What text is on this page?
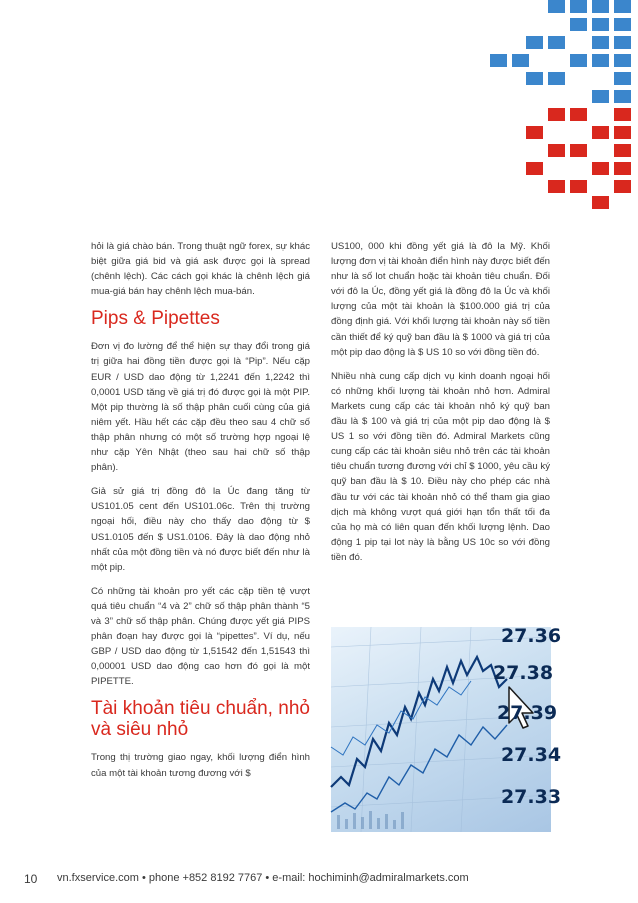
hỏi là giá chào bán. Trong thuật ngữ forex, sự khác biệt giữa giá bid và giá ask được gọi là spread (chênh lệch). Các cách gọi khác là chênh lệch giá mua-giá bán hay chênh lệch mua-bán.

Pips & Pipettes

Đơn vị đo lường để thể hiện sự thay đổi trong giá trị giữa hai đồng tiền được gọi là “Pip”. Nếu cặp EUR / USD dao động từ 1,2241 đến 1,2242 thì 0,0001 USD tăng về giá trị đó được gọi là một PIP. Một pip thường là số thập phân cuối cùng của giá niêm yết. Hầu hết các cặp đều theo sau 4 chữ số thập phân nhưng có một số trường hợp ngoại lệ như cặp Yên Nhật (theo sau hai chữ số thập phân).

Giả sử giá trị đồng đô la Úc đang tăng từ US101.05 cent đến US101.06c. Trên thị trường ngoại hối, điều này cho thấy dao động từ $ US1.0105 đến $ US1.0106. Đây là dao động nhỏ nhất của một đồng tiền và nó được biết đến như là một pip.

Có những tài khoản pro yết các cặp tiền tệ vượt quá tiêu chuẩn “4 và 2” chữ số thập phân thành “5 và 3” chữ số thập phân. Chúng được yết giá PIPS phân đoạn hay được gọi là “pipettes”. Ví dụ, nếu GBP / USD dao động từ 1,51542 đến 1,51543 thì 0,00001 USD dao động cao hơn đó gọi là một PIPETTE.

Tài khoản tiêu chuẩn, nhỏ và siêu nhỏ

Trong thị trường giao ngay, khối lượng điển hình của một tài khoản tương đương với $

US100, 000 khi đồng yết giá là đô la Mỹ. Khối lượng đơn vị tài khoản điển hình này được biết đến như là số lot chuẩn hoặc tài khoản tiêu chuẩn. Đối với đô la Úc, đồng yết giá là đồng đô la Úc và khối lượng của một tài khoản là $100.000 giá trị của đồng định giá. Với khối lượng tài khoản này số tiền cần thiết để ký quỹ ban đầu là $ 1000 và giá trị của một pip dao động là $ US 10 so với đồng tiền đó.

Nhiều nhà cung cấp dịch vụ kinh doanh ngoại hối có những khối lượng tài khoản nhỏ hơn. Admiral Markets cung cấp các tài khoản nhỏ ký quỹ ban đầu là $ 100 và giá trị của một pip dao động là $ US 1 so với đồng tiền đó. Admiral Markets cũng cung cấp các tài khoản siêu nhỏ trên các tài khoản tiêu chuẩn tương đương với chỉ $ 1000, yêu cầu ký quỹ ban đầu là $ 10. Điều này cho phép các nhà đầu tư với các tài khoản nhỏ có thể tham gia giao dịch mà không vượt quá giới hạn tổn thất tối đa của họ mà có liên quan đến khối lượng lệnh. Dao động 1 pip tại lot này là bằng US 10c so với đồng tiền đó.

27.36
27.38
27.39
27.34
27.33
10 vn.fxservice.com • phone +852 8192 7767 • e-mail: hochiminh@admiralmarkets.com
